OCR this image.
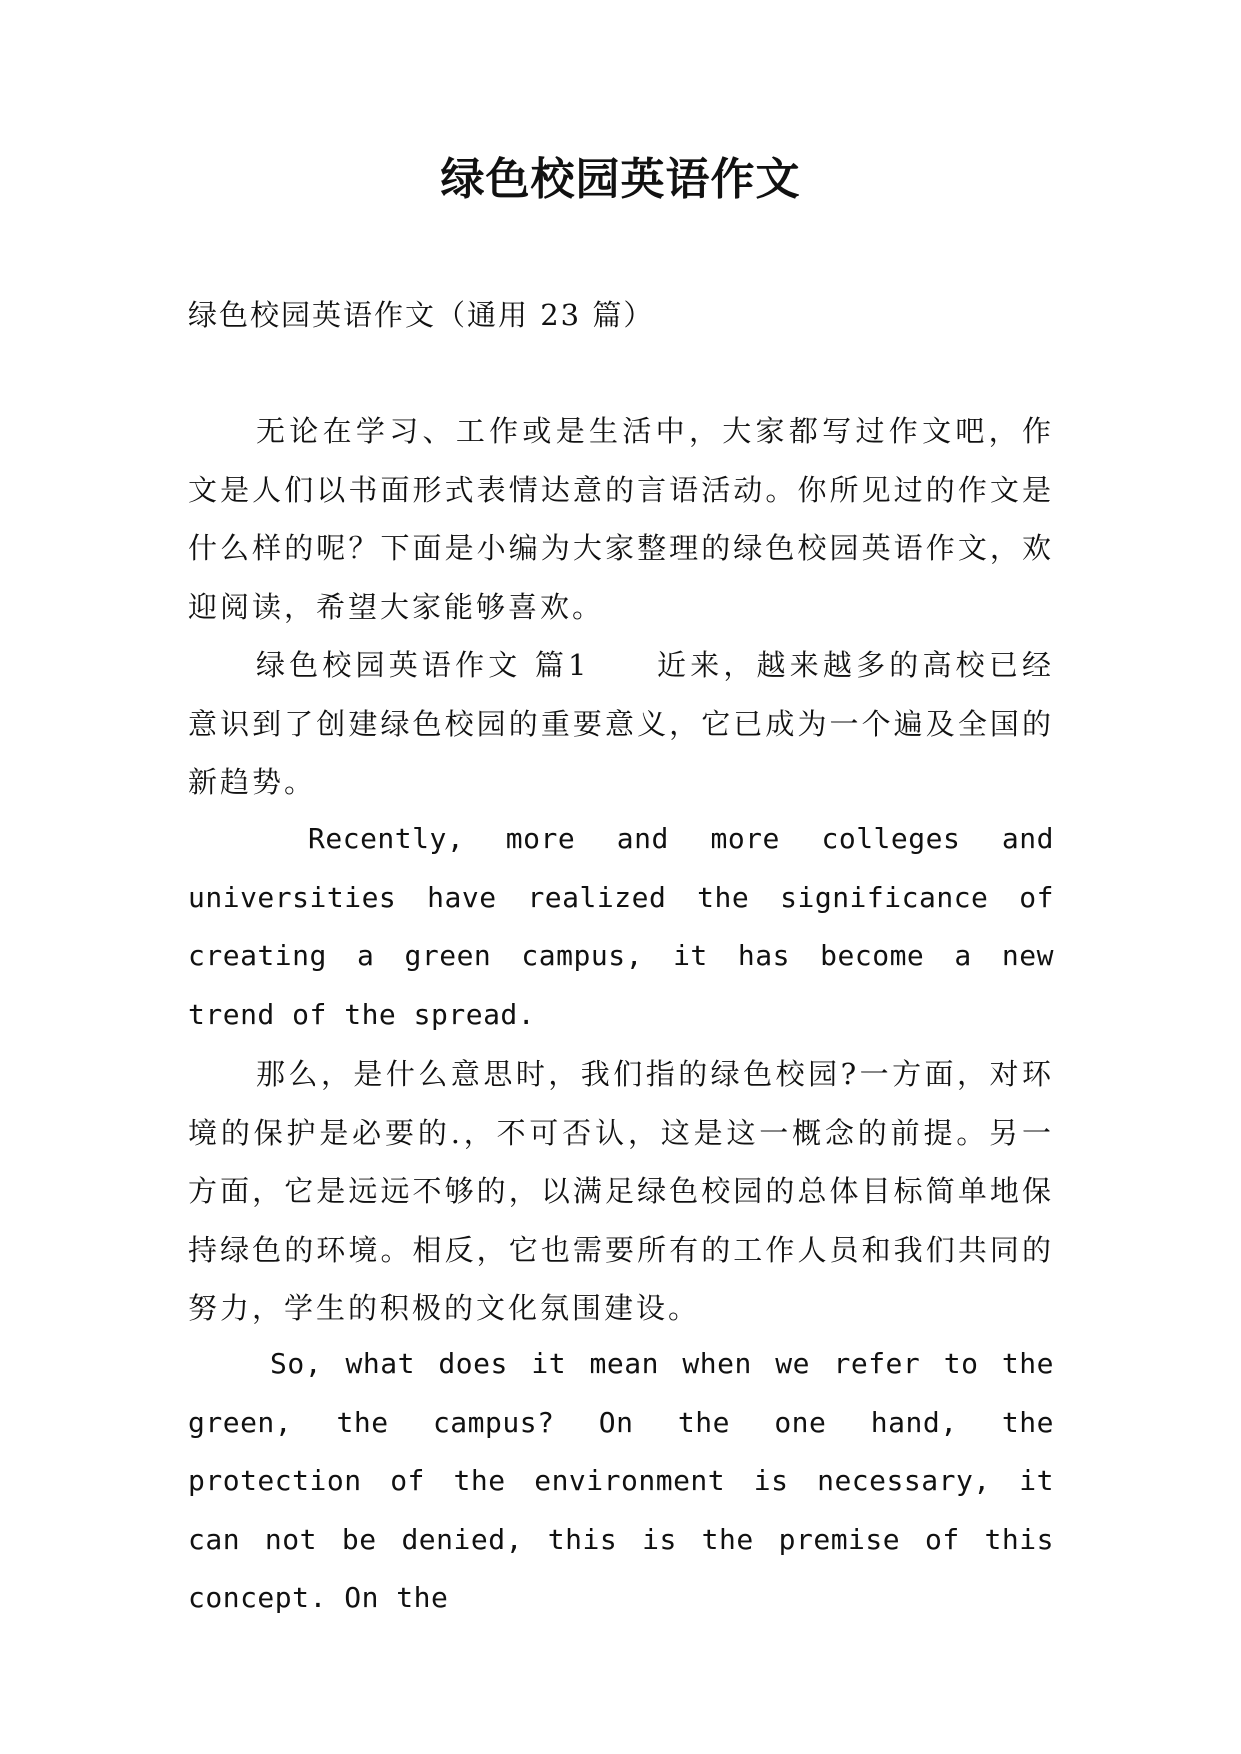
绿色校园英语作文

绿色校园英语作文（通用 23 篇）

无论在学习、工作或是生活中，大家都写过作文吧，作文是人们以书面形式表情达意的言语活动。你所见过的作文是什么样的呢？下面是小编为大家整理的绿色校园英语作文，欢迎阅读，希望大家能够喜欢。

绿色校园英语作文 篇1　　近来，越来越多的高校已经意识到了创建绿色校园的重要意义，它已成为一个遍及全国的新趋势。

Recently, more and more colleges and universities have realized the significance of creating a green campus, it has become a new trend of the spread.

那么，是什么意思时，我们指的绿色校园?一方面，对环境的保护是必要的.，不可否认，这是这一概念的前提。另一方面，它是远远不够的，以满足绿色校园的总体目标简单地保持绿色的环境。相反，它也需要所有的工作人员和我们共同的努力，学生的积极的文化氛围建设。

So, what does it mean when we refer to the green, the campus? On the one hand, the protection of the environment is necessary, it can not be denied, this is the premise of this concept. On the
